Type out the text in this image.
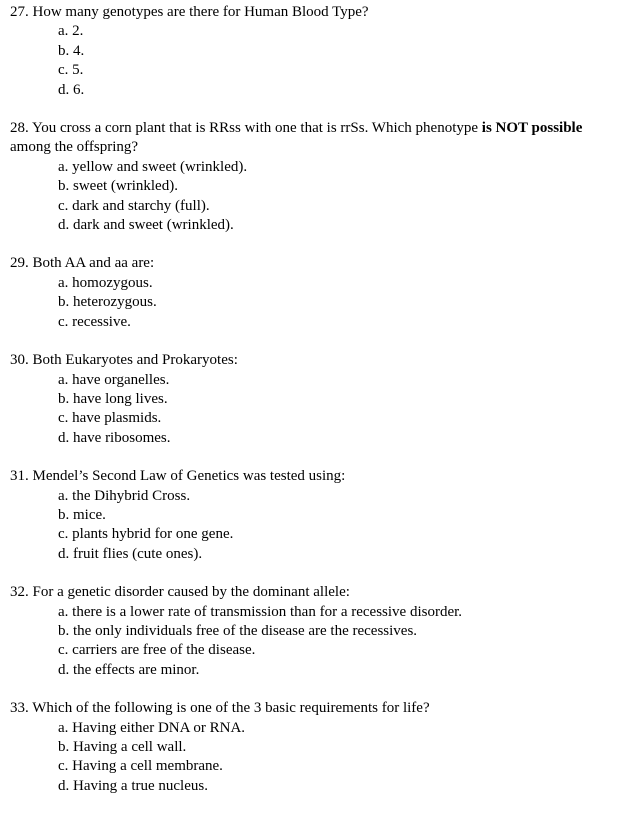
27. How many genotypes are there for Human Blood Type?
a. 2.
b. 4.
c. 5.
d. 6.
28. You cross a corn plant that is RRss with one that is rrSs. Which phenotype is NOT possible among the offspring?
a. yellow and sweet (wrinkled).
b. sweet (wrinkled).
c. dark and starchy (full).
d. dark and sweet (wrinkled).
29. Both AA and aa are:
a. homozygous.
b. heterozygous.
c. recessive.
30. Both Eukaryotes and Prokaryotes:
a. have organelles.
b. have long lives.
c. have plasmids.
d. have ribosomes.
31. Mendel’s Second Law of Genetics was tested using:
a. the Dihybrid Cross.
b. mice.
c. plants hybrid for one gene.
d. fruit flies (cute ones).
32. For a genetic disorder caused by the dominant allele:
a. there is a lower rate of transmission than for a recessive disorder.
b. the only individuals free of the disease are the recessives.
c. carriers are free of the disease.
d. the effects are minor.
33. Which of the following is one of the 3 basic requirements for life?
a. Having either DNA or RNA.
b. Having a cell wall.
c. Having a cell membrane.
d. Having a true nucleus.
